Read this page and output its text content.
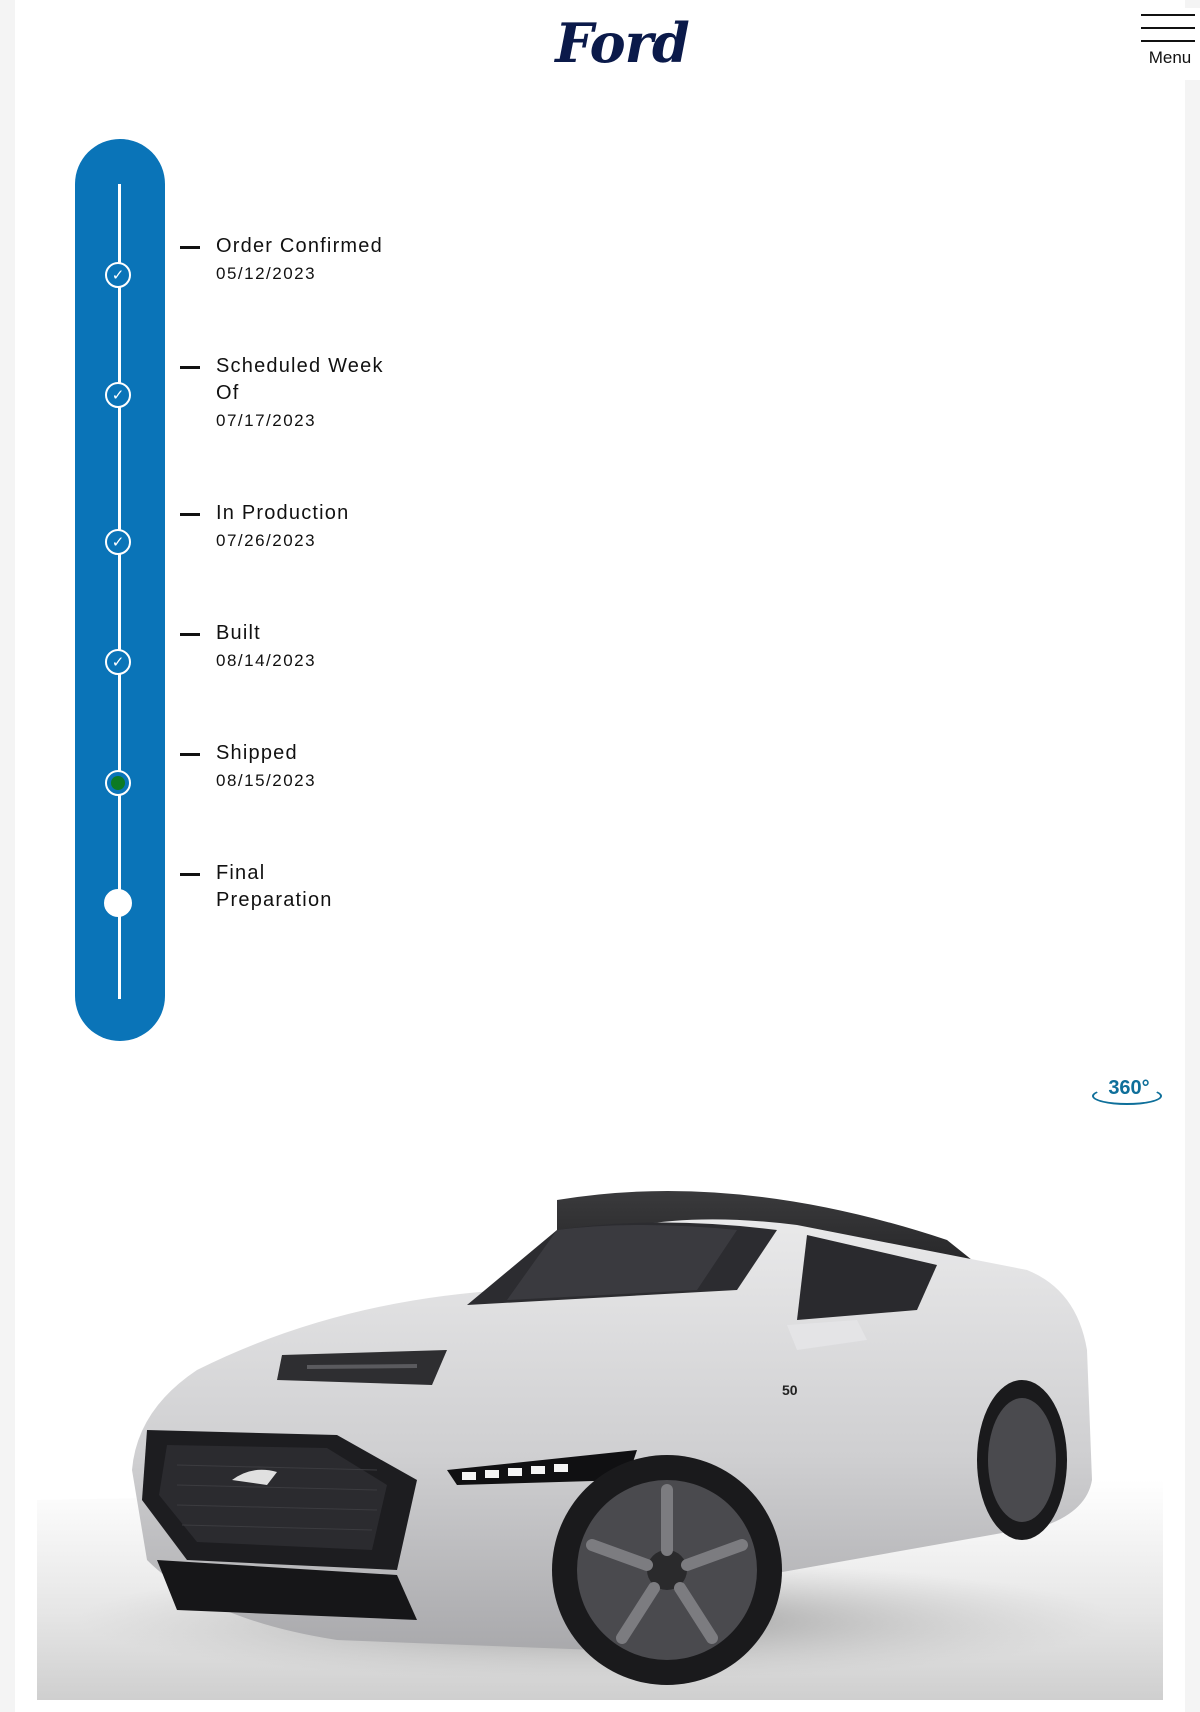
Ford	Menu
✓
✓
✓
✓
Order Confirmed
05/12/2023
Scheduled Week Of
07/17/2023
In Production
07/26/2023
Built
08/14/2023
Shipped
08/15/2023
Final Preparation
360°
50
